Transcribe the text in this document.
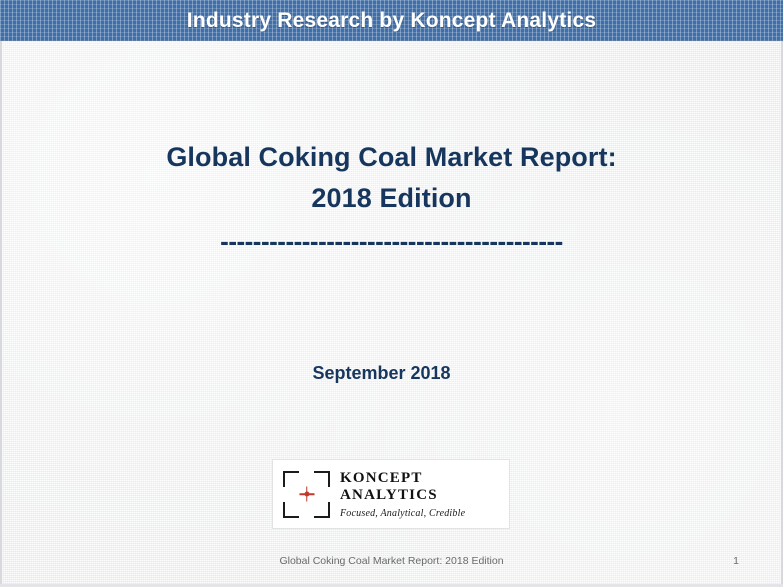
Industry Research by Koncept Analytics
Global Coking Coal Market Report:
2018 Edition
------------------------------------------
September 2018
KONCEPT
ANALYTICS
Focused, Analytical, Credible
Global Coking Coal Market Report: 2018 Edition	1
